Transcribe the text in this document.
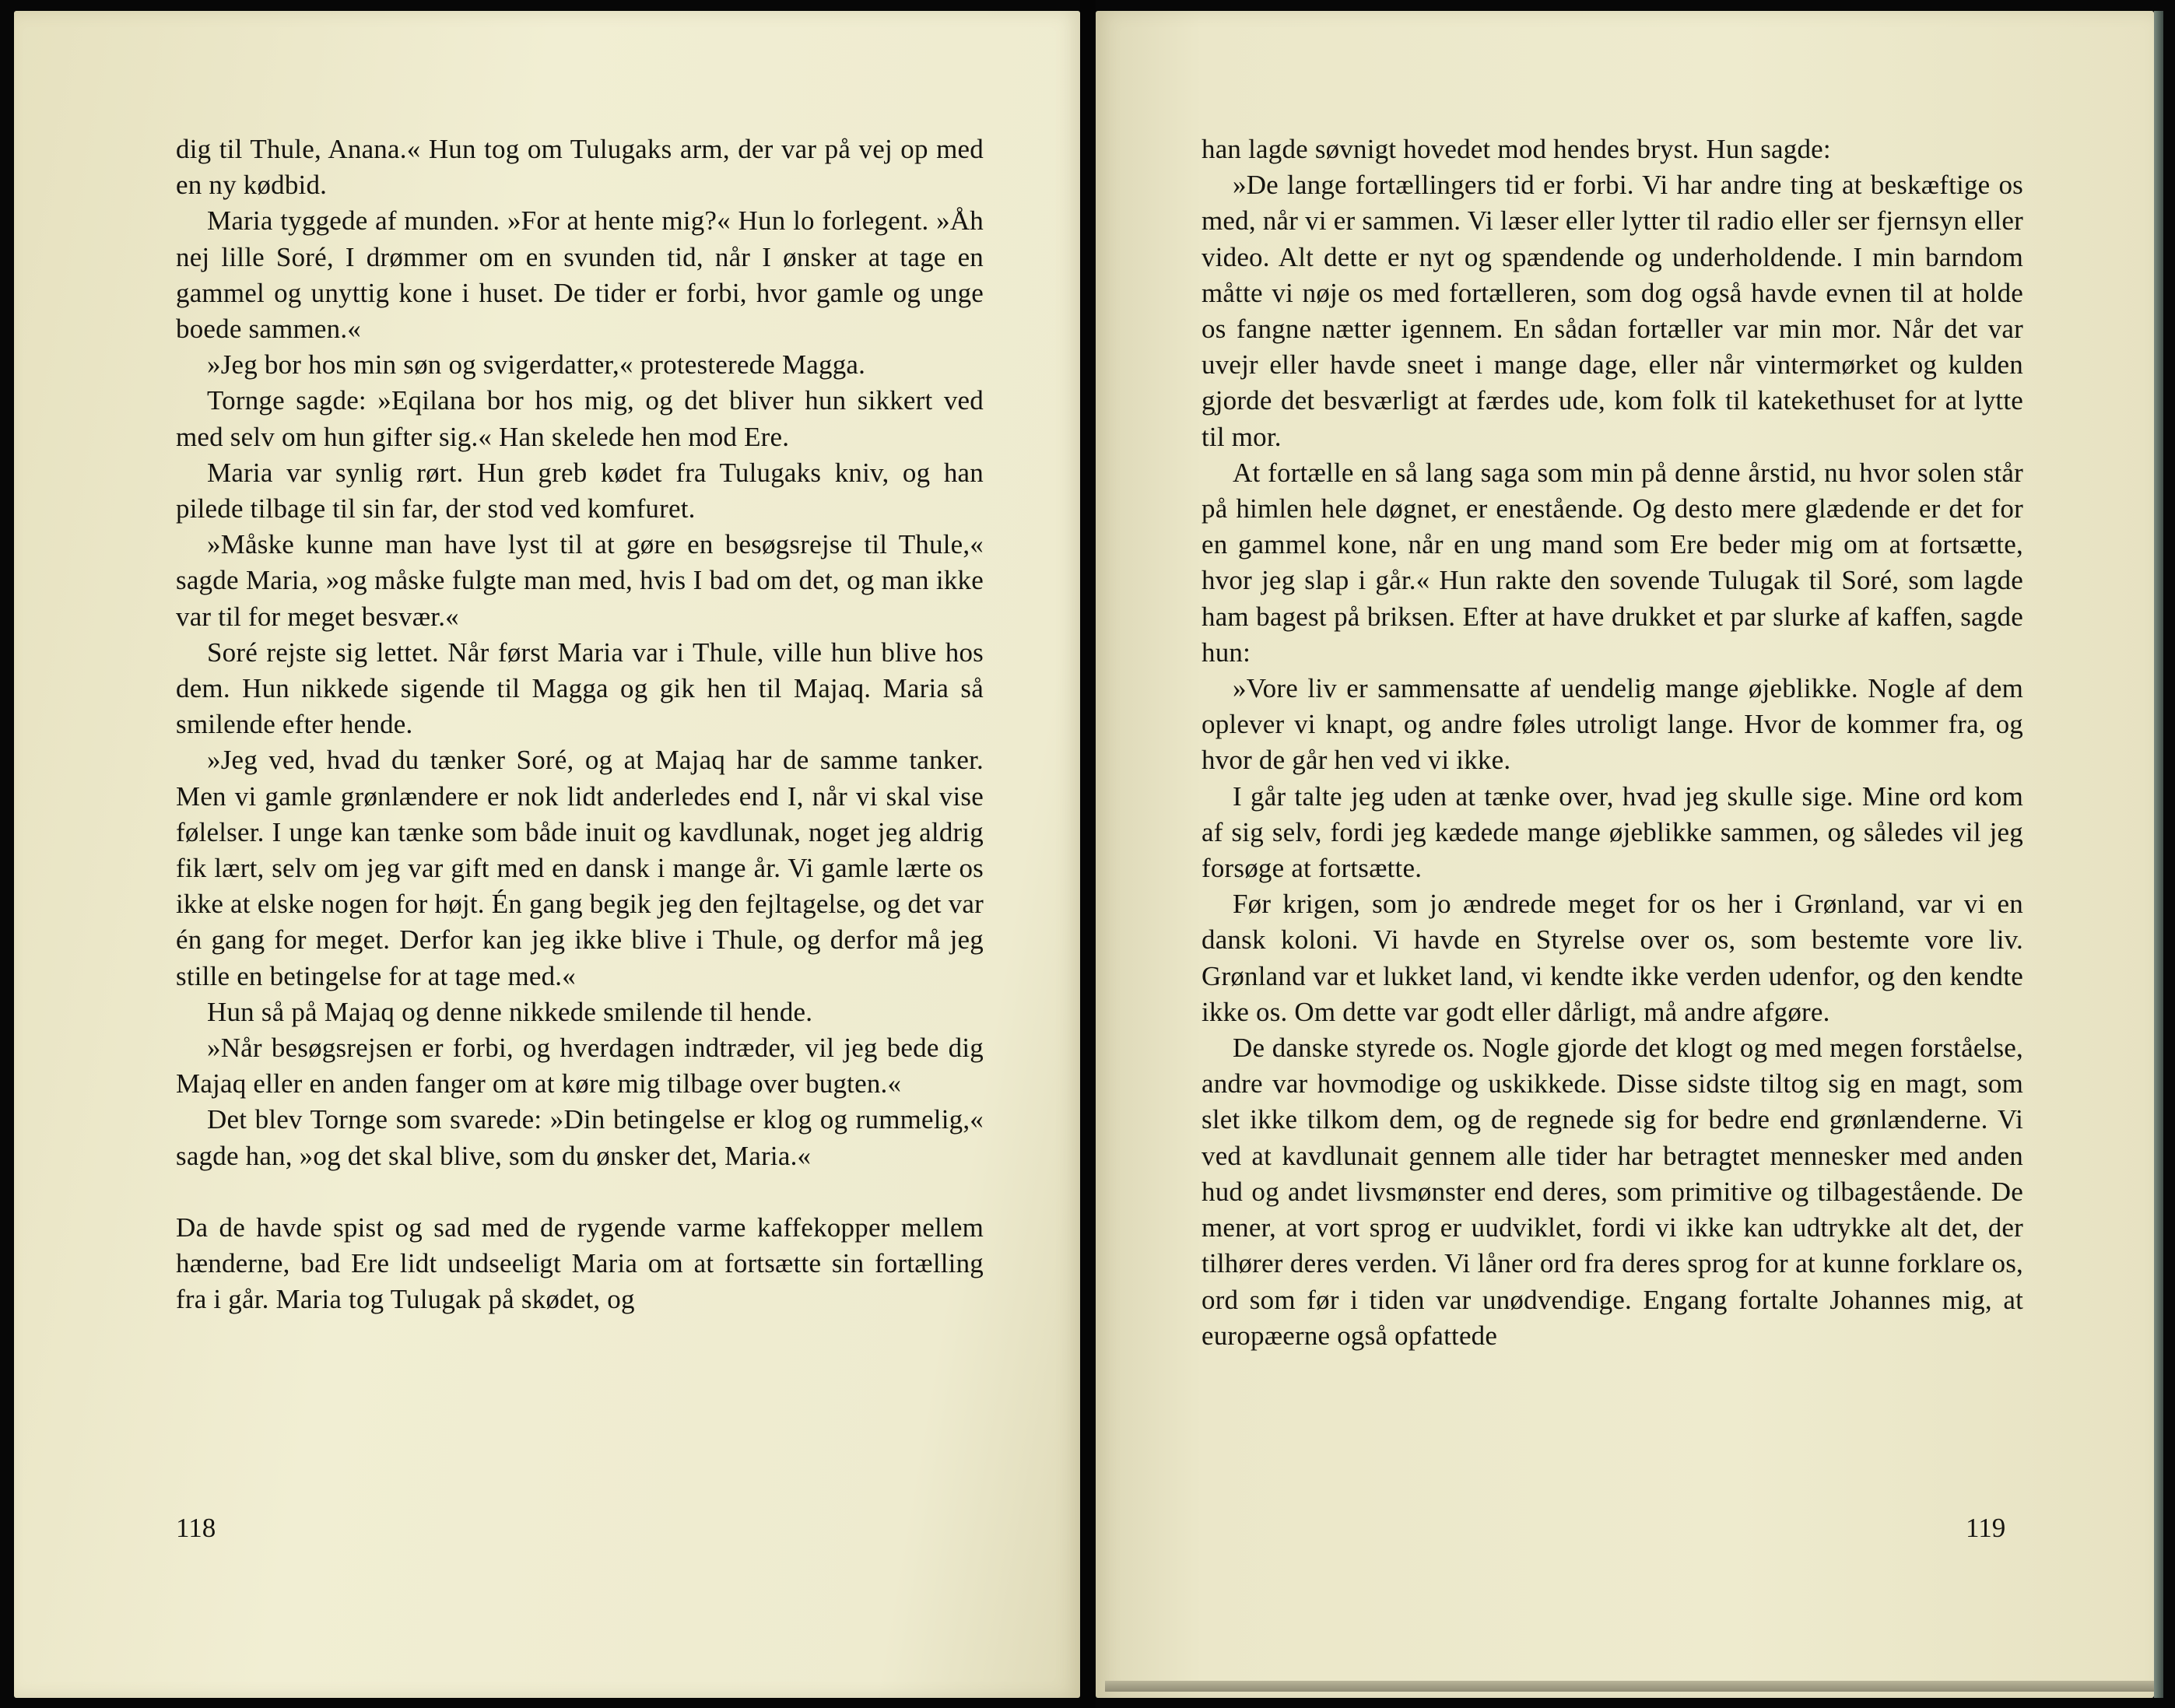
dig til Thule, Anana.« Hun tog om Tulugaks arm, der var på vej op med en ny kødbid.

Maria tyggede af munden. »For at hente mig?« Hun lo forlegent. »Åh nej lille Soré, I drømmer om en svunden tid, når I ønsker at tage en gammel og unyttig kone i huset. De tider er forbi, hvor gamle og unge boede sammen.«

»Jeg bor hos min søn og svigerdatter,« protesterede Magga.

Tornge sagde: »Eqilana bor hos mig, og det bliver hun sikkert ved med selv om hun gifter sig.« Han skelede hen mod Ere.

Maria var synlig rørt. Hun greb kødet fra Tulugaks kniv, og han pilede tilbage til sin far, der stod ved komfuret.

»Måske kunne man have lyst til at gøre en besøgsrejse til Thule,« sagde Maria, »og måske fulgte man med, hvis I bad om det, og man ikke var til for meget besvær.«

Soré rejste sig lettet. Når først Maria var i Thule, ville hun blive hos dem. Hun nikkede sigende til Magga og gik hen til Majaq. Maria så smilende efter hende.

»Jeg ved, hvad du tænker Soré, og at Majaq har de samme tanker. Men vi gamle grønlændere er nok lidt anderledes end I, når vi skal vise følelser. I unge kan tænke som både inuit og kavdlunak, noget jeg aldrig fik lært, selv om jeg var gift med en dansk i mange år. Vi gamle lærte os ikke at elske nogen for højt. Én gang begik jeg den fejltagelse, og det var én gang for meget. Derfor kan jeg ikke blive i Thule, og derfor må jeg stille en betingelse for at tage med.«

Hun så på Majaq og denne nikkede smilende til hende.

»Når besøgsrejsen er forbi, og hverdagen indtræder, vil jeg bede dig Majaq eller en anden fanger om at køre mig tilbage over bugten.«

Det blev Tornge som svarede: »Din betingelse er klog og rummelig,« sagde han, »og det skal blive, som du ønsker det, Maria.«

Da de havde spist og sad med de rygende varme kaffekopper mellem hænderne, bad Ere lidt undseeligt Maria om at fortsætte sin fortælling fra i går. Maria tog Tulugak på skødet, og

118

han lagde søvnigt hovedet mod hendes bryst. Hun sagde:

»De lange fortællingers tid er forbi. Vi har andre ting at beskæftige os med, når vi er sammen. Vi læser eller lytter til radio eller ser fjernsyn eller video. Alt dette er nyt og spændende og underholdende. I min barndom måtte vi nøje os med fortælleren, som dog også havde evnen til at holde os fangne nætter igennem. En sådan fortæller var min mor. Når det var uvejr eller havde sneet i mange dage, eller når vintermørket og kulden gjorde det besværligt at færdes ude, kom folk til katekethuset for at lytte til mor.

At fortælle en så lang saga som min på denne årstid, nu hvor solen står på himlen hele døgnet, er enestående. Og desto mere glædende er det for en gammel kone, når en ung mand som Ere beder mig om at fortsætte, hvor jeg slap i går.« Hun rakte den sovende Tulugak til Soré, som lagde ham bagest på briksen. Efter at have drukket et par slurke af kaffen, sagde hun:

»Vore liv er sammensatte af uendelig mange øjeblikke. Nogle af dem oplever vi knapt, og andre føles utroligt lange. Hvor de kommer fra, og hvor de går hen ved vi ikke.

I går talte jeg uden at tænke over, hvad jeg skulle sige. Mine ord kom af sig selv, fordi jeg kædede mange øjeblikke sammen, og således vil jeg forsøge at fortsætte.

Før krigen, som jo ændrede meget for os her i Grønland, var vi en dansk koloni. Vi havde en Styrelse over os, som bestemte vore liv. Grønland var et lukket land, vi kendte ikke verden udenfor, og den kendte ikke os. Om dette var godt eller dårligt, må andre afgøre.

De danske styrede os. Nogle gjorde det klogt og med megen forståelse, andre var hovmodige og uskikkede. Disse sidste tiltog sig en magt, som slet ikke tilkom dem, og de regnede sig for bedre end grønlænderne. Vi ved at kavdlunait gennem alle tider har betragtet mennesker med anden hud og andet livsmønster end deres, som primitive og tilbagestående. De mener, at vort sprog er uudviklet, fordi vi ikke kan udtrykke alt det, der tilhører deres verden. Vi låner ord fra deres sprog for at kunne forklare os, ord som før i tiden var unødvendige. Engang fortalte Johannes mig, at europæerne også opfattede

119
